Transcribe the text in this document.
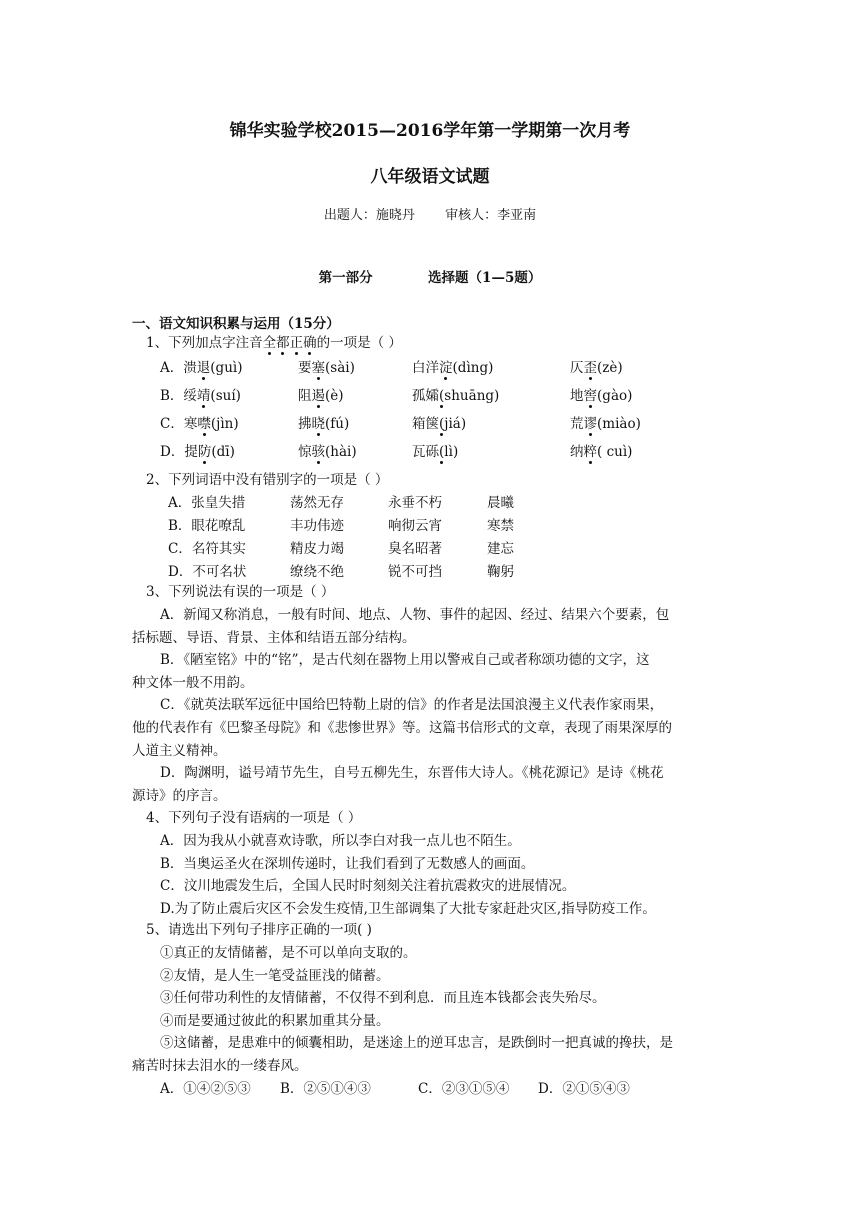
锦华实验学校2015—2016学年第一学期第一次月考
八年级语文试题
出题人：施晓丹 审核人：李亚南
第一部分	选择题（1—5题）
一、语文知识积累与运用（15分）
1、下列加点字注音全都正确的一项是（ ）
A．溃退(guì)	要塞(sài)	白洋淀(dìng)	仄歪(zè)
B．绥靖(suí)	阻遏(è)	孤孀(shuāng)	地窖(gào)
C．寒噤(jìn)	拂晓(fú)	箱箧(jiá)	荒谬(miào)
D．提防(dī)	惊骇(hài)	瓦砾(lì)	纳粹( cuì)
2、下列词语中没有错别字的一项是（ ）
A．张皇失措	荡然无存	永垂不朽	晨曦
B．眼花嘹乱	丰功伟迹	响彻云宵	寒禁
C．名符其实	精皮力竭	臭名昭著	建忘
D．不可名状	缭绕不绝	锐不可挡	鞠躬
3、下列说法有误的一项是（ ）
A．新闻又称消息，一般有时间、地点、人物、事件的起因、经过、结果六个要素，包
括标题、导语、背景、主体和结语五部分结构。
B．《陋室铭》中的“铭”，是古代刻在器物上用以警戒自己或者称颂功德的文字，这
种文体一般不用韵。
C．《就英法联军远征中国给巴特勒上尉的信》的作者是法国浪漫主义代表作家雨果，
他的代表作有《巴黎圣母院》和《悲惨世界》等。这篇书信形式的文章，表现了雨果深厚的
人道主义精神。
D．陶渊明，谥号靖节先生，自号五柳先生，东晋伟大诗人。《桃花源记》是诗《桃花
源诗》的序言。
4、下列句子没有语病的一项是（ ）
A．因为我从小就喜欢诗歌，所以李白对我一点儿也不陌生。
B．当奥运圣火在深圳传递时，让我们看到了无数感人的画面。
C．汶川地震发生后，全国人民时时刻刻关注着抗震救灾的进展情况。
D.为了防止震后灾区不会发生疫情,卫生部调集了大批专家赶赴灾区,指导防疫工作。
5、请选出下列句子排序正确的一项( )
①真正的友情储蓄，是不可以单向支取的。
②友情，是人生一笔受益匪浅的储蓄。
③任何带功利性的友情储蓄，不仅得不到利息．而且连本钱都会丧失殆尽。
④而是要通过彼此的积累加重其分量。
⑤这储蓄，是患难中的倾囊相助，是迷途上的逆耳忠言，是跌倒时一把真诚的搀扶，是
痛苦时抹去泪水的一缕春风。
A．①④②⑤③ B．②⑤①④③	C．②③①⑤④ D．②①⑤④③
